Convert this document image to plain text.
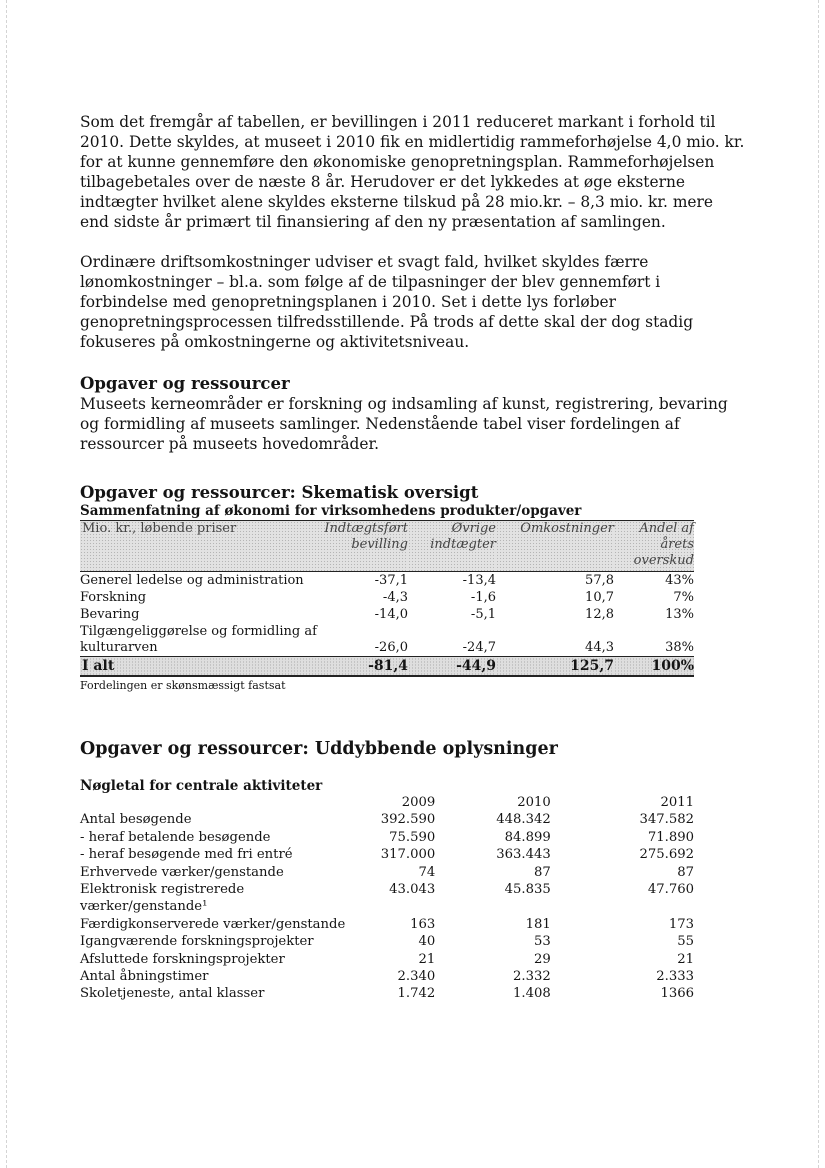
Som det fremgår af tabellen, er bevillingen i 2011 reduceret markant i forhold til 2010. Dette skyldes, at museet i 2010 fik en midlertidig rammeforhøjelse 4,0 mio. kr. for at kunne gennemføre den økonomiske genopretningsplan. Rammeforhøjelsen tilbagebetales over de næste 8 år. Herudover er det lykkedes at øge eksterne indtægter hvilket alene skyldes eksterne tilskud på 28 mio.kr. – 8,3 mio. kr. mere end sidste år primært til finansiering af den ny præsentation af samlingen.

Ordinære driftsomkostninger udviser et svagt fald, hvilket skyldes færre lønomkostninger – bl.a. som følge af de tilpasninger der blev gennemført i forbindelse med genopretningsplanen i 2010. Set i dette lys forløber genopretningsprocessen tilfredsstillende. På trods af dette skal der dog stadig fokuseres på omkostningerne og aktivitetsniveau.

Opgaver og ressourcer

Museets kerneområder er forskning og indsamling af kunst, registrering, bevaring og formidling af museets samlinger. Nedenstående tabel viser fordelingen af ressourcer på museets hovedområder.

Opgaver og ressourcer: Skematisk oversigt
Sammenfatning af økonomi for virksomhedens produkter/opgaver
Mio. kr., løbende priser	Indtægtsført bevilling	Øvrige indtægter	Omkostninger	Andel af årets overskud
Generel ledelse og administration	-37,1	-13,4	57,8	43%
Forskning	-4,3	-1,6	10,7	7%
Bevaring	-14,0	-5,1	12,8	13%
Tilgængeliggørelse og formidling af kulturarven	-26,0	-24,7	44,3	38%
I alt	-81,4	-44,9	125,7	100%
Fordelingen er skønsmæssigt fastsat
Opgaver og ressourcer: Uddybbende oplysninger
Nøgletal for centrale aktiviteter
	2009	2010	2011
Antal besøgende	392.590	448.342	347.582
- heraf betalende besøgende	75.590	84.899	71.890
- heraf besøgende med fri entré	317.000	363.443	275.692
Erhvervede værker/genstande	74	87	87
Elektronisk registrerede værker/genstande¹	43.043	45.835	47.760
Færdigkonserverede værker/genstande	163	181	173
Igangværende forskningsprojekter	40	53	55
Afsluttede forskningsprojekter	21	29	21
Antal åbningstimer	2.340	2.332	2.333
Skoletjeneste, antal klasser	1.742	1.408	1366
